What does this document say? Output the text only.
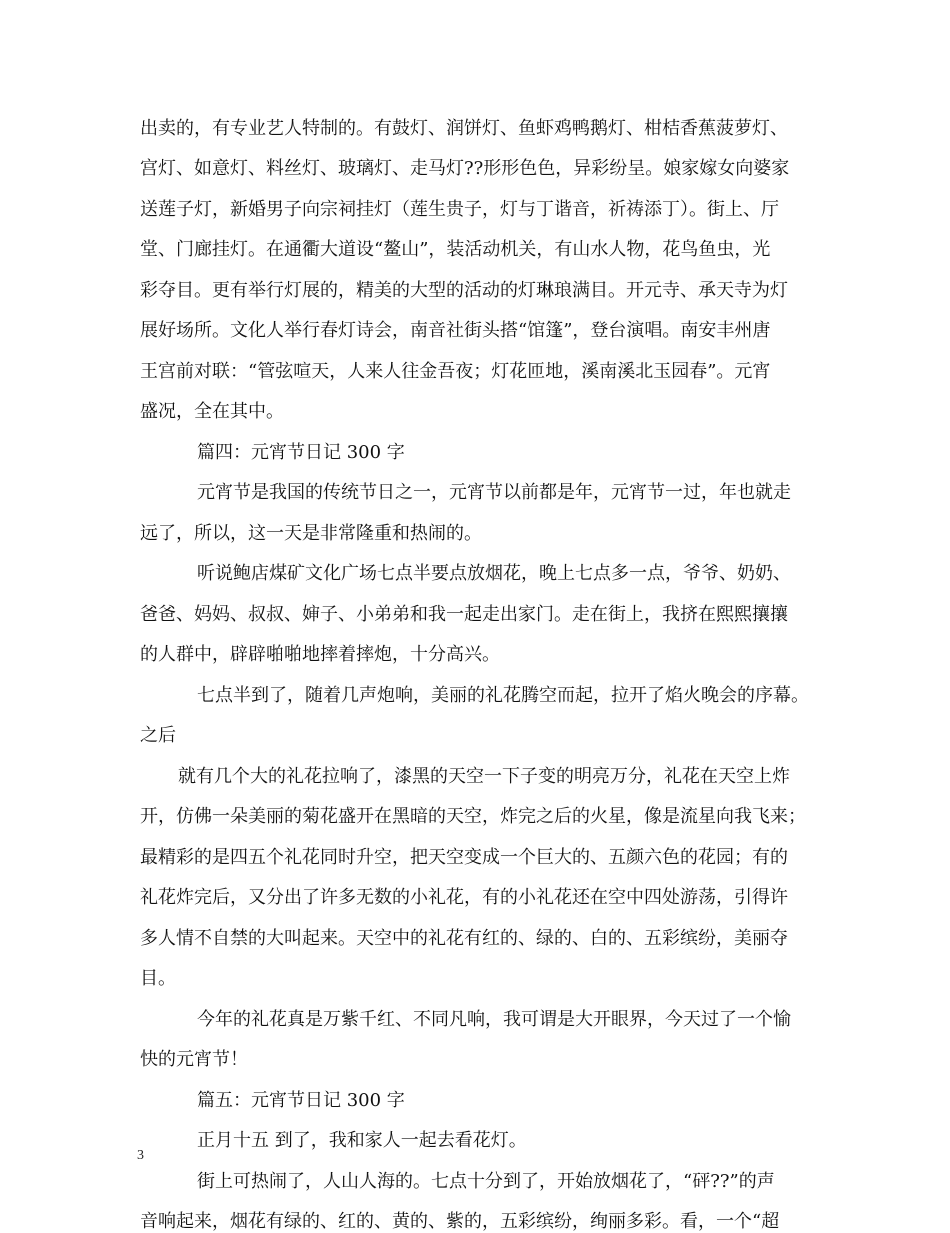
出卖的，有专业艺人特制的。有鼓灯、润饼灯、鱼虾鸡鸭鹅灯、柑桔香蕉菠萝灯、
宫灯、如意灯、料丝灯、玻璃灯、走马灯??形形色色，异彩纷呈。娘家嫁女向婆家
送莲子灯，新婚男子向宗祠挂灯（莲生贵子，灯与丁谐音，祈祷添丁）。街上、厅
堂、门廊挂灯。在通衢大道设“鳌山”，装活动机关，有山水人物，花鸟鱼虫，光
彩夺目。更有举行灯展的，精美的大型的活动的灯琳琅满目。开元寺、承天寺为灯
展好场所。文化人举行春灯诗会，南音社街头搭“馆篷”，登台演唱。南安丰州唐
王宫前对联：“管弦喧天，人来人往金吾夜；灯花匝地，溪南溪北玉园春”。元宵
盛况，全在其中。
篇四：元宵节日记 300 字
元宵节是我国的传统节日之一，元宵节以前都是年，元宵节一过，年也就走
远了，所以，这一天是非常隆重和热闹的。
听说鲍店煤矿文化广场七点半要点放烟花，晚上七点多一点，爷爷、奶奶、
爸爸、妈妈、叔叔、婶子、小弟弟和我一起走出家门。走在街上，我挤在熙熙攘攘
的人群中，辟辟啪啪地摔着摔炮，十分高兴。
七点半到了，随着几声炮响，美丽的礼花腾空而起，拉开了焰火晚会的序幕。
之后
就有几个大的礼花拉响了，漆黑的天空一下子变的明亮万分，礼花在天空上炸
开，仿佛一朵美丽的菊花盛开在黑暗的天空，炸完之后的火星，像是流星向我飞来；
最精彩的是四五个礼花同时升空，把天空变成一个巨大的、五颜六色的花园；有的
礼花炸完后，又分出了许多无数的小礼花，有的小礼花还在空中四处游荡，引得许
多人情不自禁的大叫起来。天空中的礼花有红的、绿的、白的、五彩缤纷，美丽夺
目。
今年的礼花真是万紫千红、不同凡响，我可谓是大开眼界，今天过了一个愉
快的元宵节！
篇五：元宵节日记 300 字
正月十五 到了，我和家人一起去看花灯。
街上可热闹了，人山人海的。七点十分到了，开始放烟花了，“砰??”的声
音响起来，烟花有绿的、红的、黄的、紫的，五彩缤纷，绚丽多彩。看，一个“超
3
